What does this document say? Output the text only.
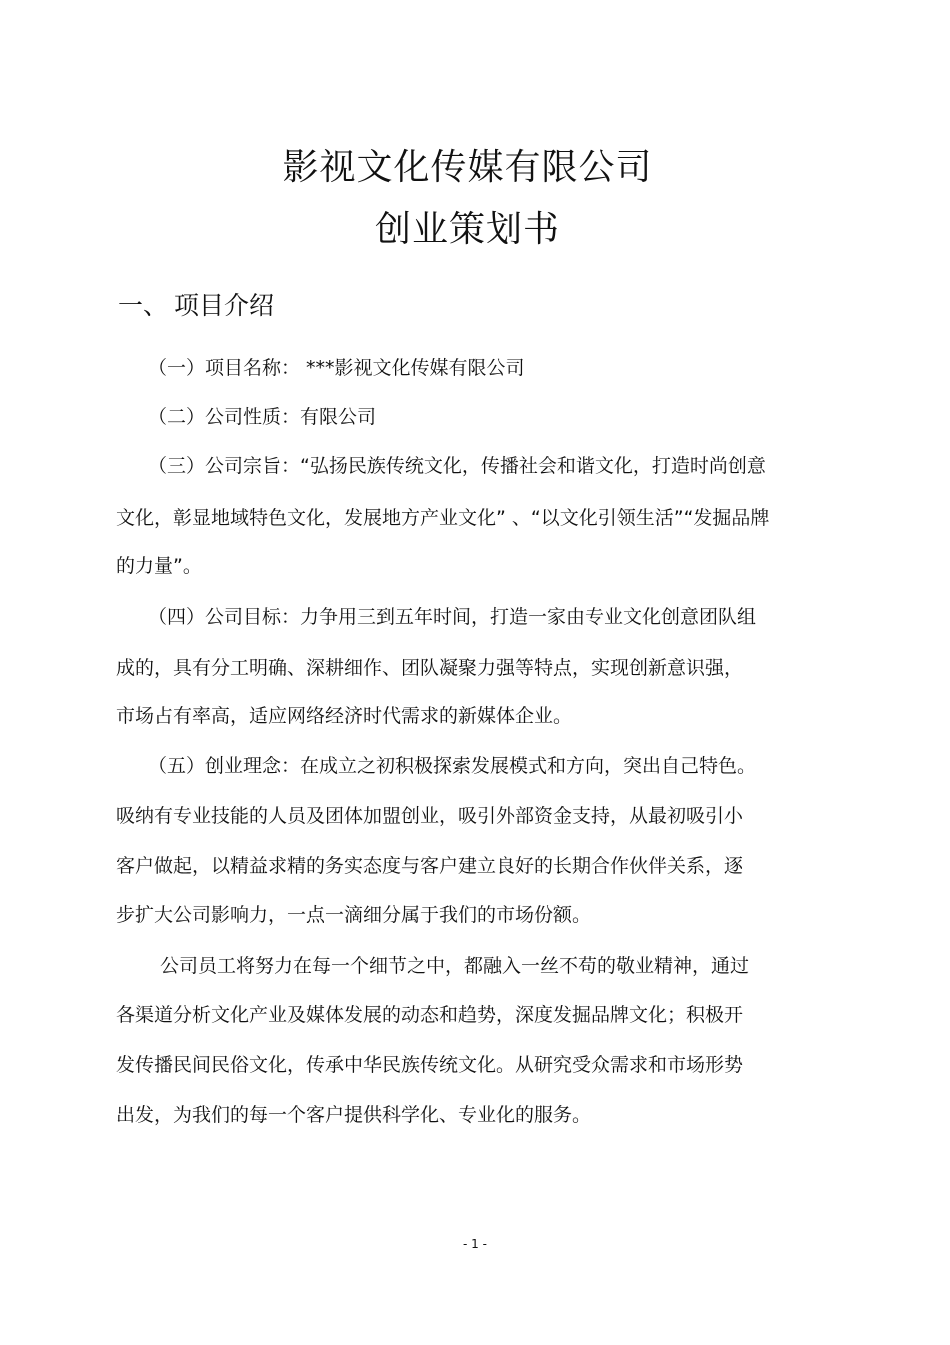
影视文化传媒有限公司
创业策划书
一、 项目介绍

（一）项目名称： ***影视文化传媒有限公司

（二）公司性质：有限公司

（三）公司宗旨：“弘扬民族传统文化，传播社会和谐文化，打造时尚创意

文化，彰显地域特色文化，发展地方产业文化” 、“以文化引领生活”“发掘品牌

的力量”。

（四）公司目标：力争用三到五年时间，打造一家由专业文化创意团队组

成的，具有分工明确、深耕细作、团队凝聚力强等特点，实现创新意识强，

市场占有率高，适应网络经济时代需求的新媒体企业。

（五）创业理念：在成立之初积极探索发展模式和方向，突出自己特色。

吸纳有专业技能的人员及团体加盟创业，吸引外部资金支持，从最初吸引小

客户做起，以精益求精的务实态度与客户建立良好的长期合作伙伴关系，逐

步扩大公司影响力，一点一滴细分属于我们的市场份额。

公司员工将努力在每一个细节之中，都融入一丝不苟的敬业精神，通过

各渠道分析文化产业及媒体发展的动态和趋势，深度发掘品牌文化；积极开

发传播民间民俗文化，传承中华民族传统文化。从研究受众需求和市场形势

出发，为我们的每一个客户提供科学化、专业化的服务。

- 1 -
